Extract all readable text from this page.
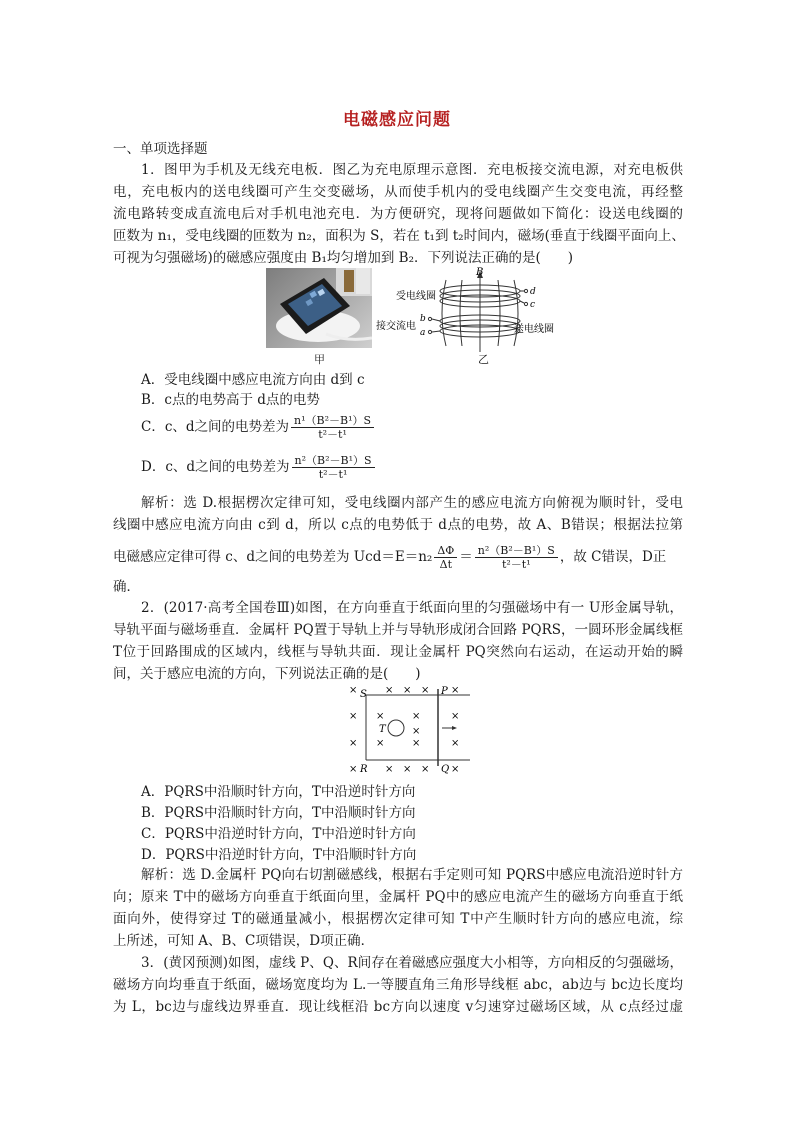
电磁感应问题
一、单项选择题
1．图甲为手机及无线充电板．图乙为充电原理示意图．充电板接交流电源，对充电板供
电，充电板内的送电线圈可产生交变磁场，从而使手机内的受电线圈产生交变电流，再经整
流电路转变成直流电后对手机电池充电．为方便研究，现将问题做如下简化：设送电线圈的
匝数为 n₁，受电线圈的匝数为 n₂，面积为 S，若在 t₁到 t₂时间内，磁场(垂直于线圈平面向上、
可视为匀强磁场)的磁感应强度由 B₁均匀增加到 B₂．下列说法正确的是(　　)
甲
B
d
c
b
a
受电线圈
接交流电	送电线圈
乙
A．受电线圈中感应电流方向由 d到 c
B．c点的电势高于 d点的电势
C．c、d之间的电势差为 $\frac{\text{n¹（B²－B¹）S}}{\text{t²－t¹}}$
D．c、d之间的电势差为 $\frac{\text{n²（B²－B¹）S}}{\text{t²－t¹}}$
解析：选 D.根据楞次定律可知，受电线圈内部产生的感应电流方向俯视为顺时针，受电
线圈中感应电流方向由 c到 d，所以 c点的电势低于 d点的电势，故 A、B错误；根据法拉第
电磁感应定律可得 c、d之间的电势差为 $Ucd=E=n_2 \frac{\Delta\Phi}{\Delta t} = \frac{\text{n²（B²－B¹）S}}{\text{t²－t¹}}$ ，故 C错误，D正
确．
2．(2017·高考全国卷Ⅲ)如图，在方向垂直于纸面向里的匀强磁场中有一 U形金属导轨，
导轨平面与磁场垂直．金属杆 PQ置于导轨上并与导轨形成闭合回路 PQRS，一圆环形金属线框
T位于回路围成的区域内，线框与导轨共面．现让金属杆 PQ突然向右运动，在运动开始的瞬
间，关于感应电流的方向，下列说法正确的是(　　)
×	× × × ×
× ×	×	×
×
× ×	×	×
×	× × × ×
S	P
R	Q
T
A．PQRS中沿顺时针方向，T中沿逆时针方向
B．PQRS中沿顺时针方向，T中沿顺时针方向
C．PQRS中沿逆时针方向，T中沿逆时针方向
D．PQRS中沿逆时针方向，T中沿顺时针方向
解析：选 D.金属杆 PQ向右切割磁感线，根据右手定则可知 PQRS中感应电流沿逆时针方
向；原来 T中的磁场方向垂直于纸面向里，金属杆 PQ中的感应电流产生的磁场方向垂直于纸
面向外，使得穿过 T的磁通量减小，根据楞次定律可知 T中产生顺时针方向的感应电流，综
上所述，可知 A、B、C项错误，D项正确．
3．(黄冈预测)如图，虚线 P、Q、R间存在着磁感应强度大小相等，方向相反的匀强磁场，
磁场方向均垂直于纸面，磁场宽度均为 L.一等腰直角三角形导线框 abc，ab边与 bc边长度均
为 L，bc边与虚线边界垂直．现让线框沿 bc方向以速度 v匀速穿过磁场区域，从 c点经过虚
